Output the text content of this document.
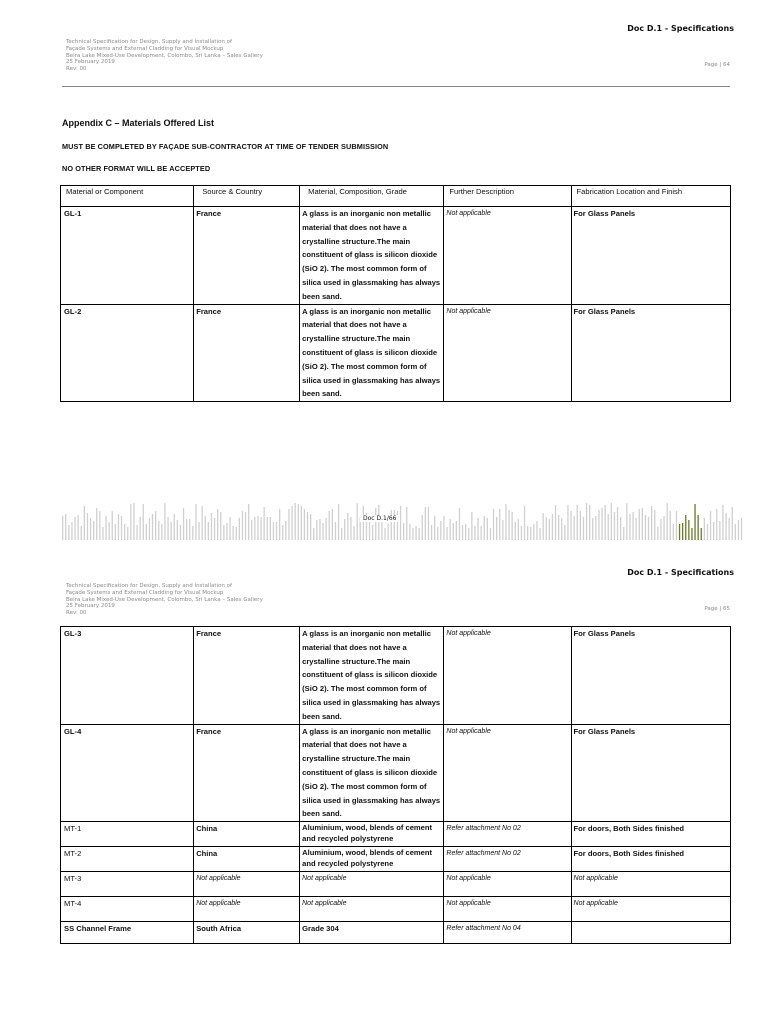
Doc D.1 - Specifications
Technical Specification for Design, Supply and Installation of
Façade Systems and External Cladding for Visual Mockup
Beira Lake Mixed-Use Development, Colombo, Sri Lanka – Sales Gallery
25 February 2019
Rev: 00
Page | 64
Appendix C – Materials Offered List
MUST BE COMPLETED BY FAÇADE SUB-CONTRACTOR AT TIME OF TENDER SUBMISSION
NO OTHER FORMAT WILL BE ACCEPTED
Material or Component	Source & Country	Material, Composition, Grade	Further Description	Fabrication Location and Finish
GL-1	France	A glass is an inorganic non metallic material that does not have a crystalline structure.The main constituent of glass is silicon dioxide (SiO 2). The most common form of silica used in glassmaking has always been sand.	Not applicable	For Glass Panels
GL-2	France	A glass is an inorganic non metallic material that does not have a crystalline structure.The main constituent of glass is silicon dioxide (SiO 2). The most common form of silica used in glassmaking has always been sand.	Not applicable	For Glass Panels
Doc D.1/66
Doc D.1 - Specifications
Technical Specification for Design, Supply and Installation of
Façade Systems and External Cladding for Visual Mockup
Beira Lake Mixed-Use Development, Colombo, Sri Lanka – Sales Gallery
25 February 2019
Rev: 00
Page | 65
GL-3	France	A glass is an inorganic non metallic material that does not have a crystalline structure.The main constituent of glass is silicon dioxide (SiO 2). The most common form of silica used in glassmaking has always been sand.	Not applicable	For Glass Panels
GL-4	France	A glass is an inorganic non metallic material that does not have a crystalline structure.The main constituent of glass is silicon dioxide (SiO 2). The most common form of silica used in glassmaking has always been sand.	Not applicable	For Glass Panels
MT-1	China	Aluminium, wood, blends of cement and recycled polystyrene	Refer attachment No 02	For doors, Both Sides finished
MT-2	China	Aluminium, wood, blends of cement and recycled polystyrene	Refer attachment No 02	For doors, Both Sides finished
MT-3	Not applicable	Not applicable	Not applicable	Not applicable
MT-4	Not applicable	Not applicable	Not applicable	Not applicable
SS Channel Frame	South Africa	Grade 304	Refer attachment No 04	
